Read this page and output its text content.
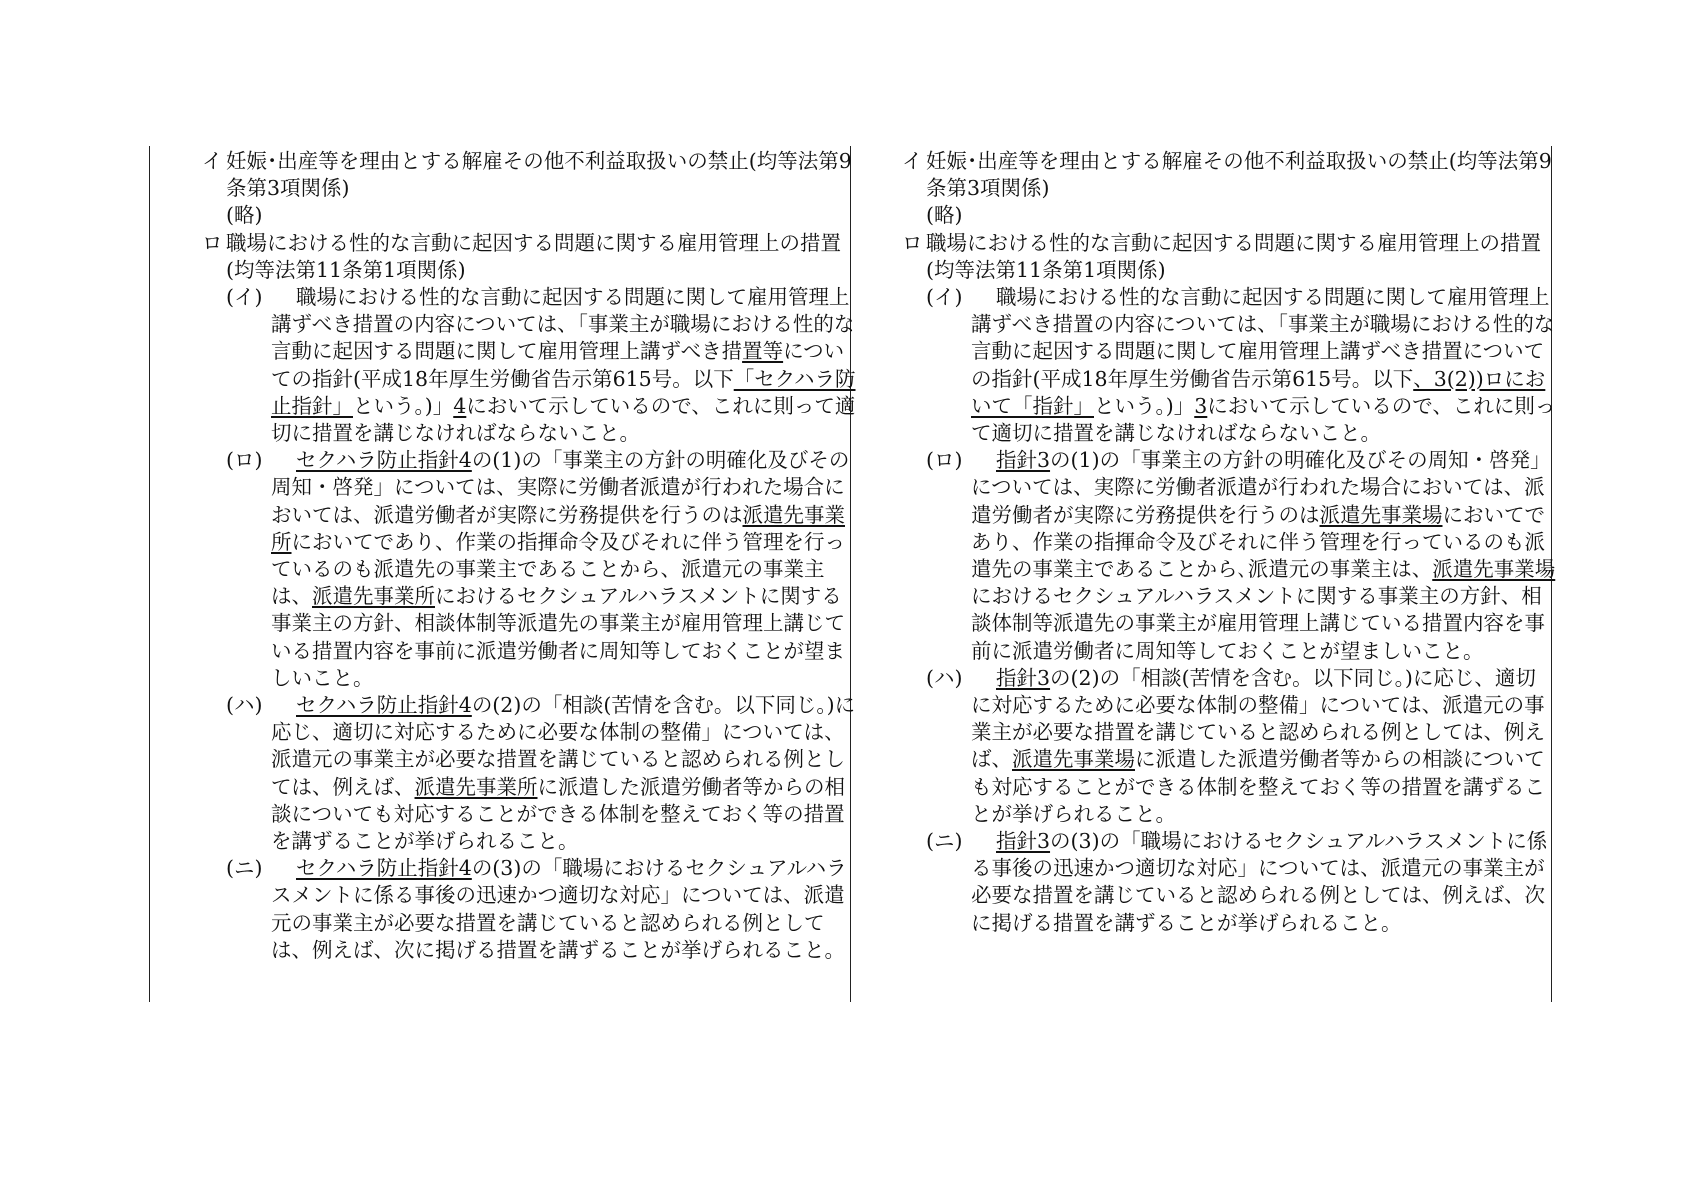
イ 妊娠･出産等を理由とする解雇その他不利益取扱いの禁止(均等法第9条第3項関係)

(略)

ロ 職場における性的な言動に起因する問題に関する雇用管理上の措置(均等法第11条第1項関係)

(イ) 職場における性的な言動に起因する問題に関して雇用管理上講ずべき措置の内容については、「事業主が職場における性的な言動に起因する問題に関して雇用管理上講ずべき措置等についての指針(平成18年厚生労働省告示第615号。以下「セクハラ防止指針」という。)」4において示しているので、これに則って適切に措置を講じなければならないこと。

(ロ) セクハラ防止指針4の(1)の「事業主の方針の明確化及びその周知・啓発」については、実際に労働者派遣が行われた場合においては、派遣労働者が実際に労務提供を行うのは派遣先事業所においてであり、作業の指揮命令及びそれに伴う管理を行っているのも派遣先の事業主であることから、派遣元の事業主は、派遣先事業所におけるセクシュアルハラスメントに関する事業主の方針、相談体制等派遣先の事業主が雇用管理上講じている措置内容を事前に派遣労働者に周知等しておくことが望ましいこと。

(ハ) セクハラ防止指針4の(2)の「相談(苦情を含む。以下同じ。)に応じ、適切に対応するために必要な体制の整備」については、派遣元の事業主が必要な措置を講じていると認められる例としては、例えば、派遣先事業所に派遣した派遣労働者等からの相談についても対応することができる体制を整えておく等の措置を講ずることが挙げられること。

(ニ) セクハラ防止指針4の(3)の「職場におけるセクシュアルハラスメントに係る事後の迅速かつ適切な対応」については、派遣元の事業主が必要な措置を講じていると認められる例としては、例えば、次に掲げる措置を講ずることが挙げられること。

イ 妊娠･出産等を理由とする解雇その他不利益取扱いの禁止(均等法第9条第3項関係)

(略)

ロ 職場における性的な言動に起因する問題に関する雇用管理上の措置(均等法第11条第1項関係)

(イ) 職場における性的な言動に起因する問題に関して雇用管理上講ずべき措置の内容については、「事業主が職場における性的な言動に起因する問題に関して雇用管理上講ずべき措置についての指針(平成18年厚生労働省告示第615号。以下、3(2))ロにおいて「指針」という。)」3において示しているので、これに則って適切に措置を講じなければならないこと。

(ロ) 指針3の(1)の「事業主の方針の明確化及びその周知・啓発」については、実際に労働者派遣が行われた場合においては、派遣労働者が実際に労務提供を行うのは派遣先事業場においてであり、作業の指揮命令及びそれに伴う管理を行っているのも派遣先の事業主であることから､派遣元の事業主は、派遣先事業場におけるセクシュアルハラスメントに関する事業主の方針、相談体制等派遣先の事業主が雇用管理上講じている措置内容を事前に派遣労働者に周知等しておくことが望ましいこと。

(ハ) 指針3の(2)の「相談(苦情を含む。以下同じ。)に応じ、適切に対応するために必要な体制の整備」については、派遣元の事業主が必要な措置を講じていると認められる例としては、例えば、派遣先事業場に派遣した派遣労働者等からの相談についても対応することができる体制を整えておく等の措置を講ずることが挙げられること。

(ニ) 指針3の(3)の「職場におけるセクシュアルハラスメントに係る事後の迅速かつ適切な対応」については、派遣元の事業主が必要な措置を講じていると認められる例としては、例えば、次に掲げる措置を講ずることが挙げられること。
